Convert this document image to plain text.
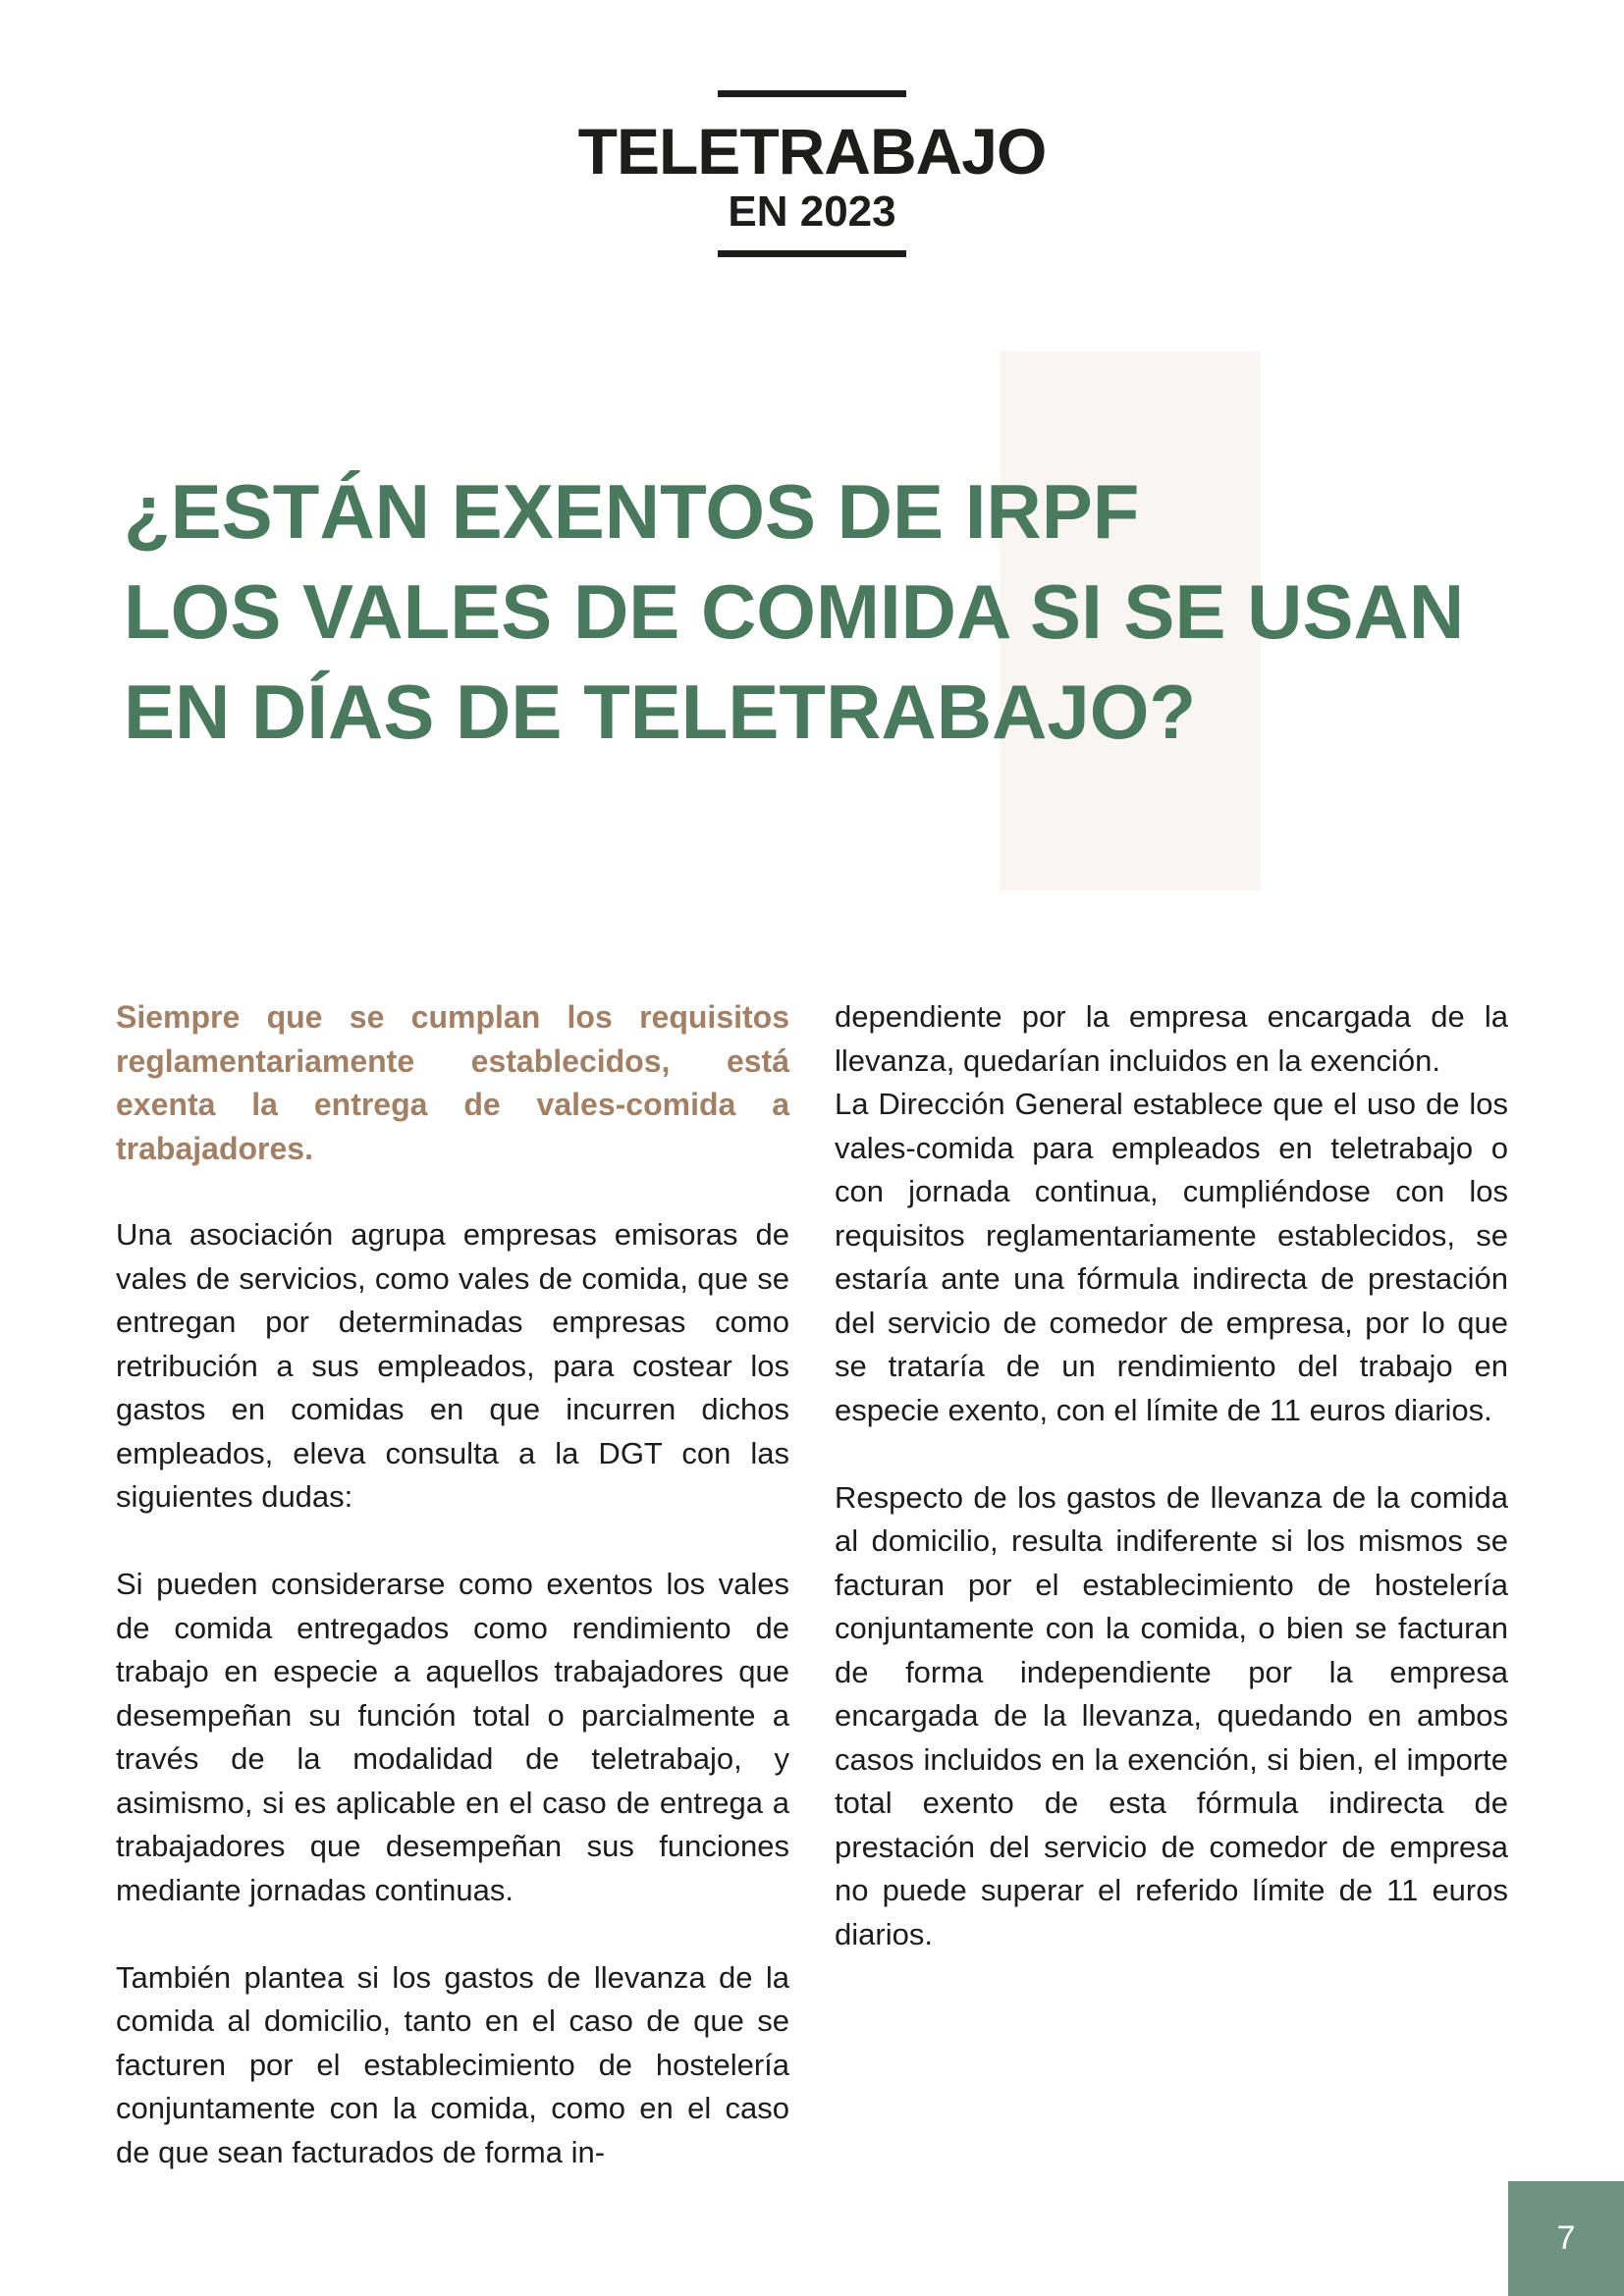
TELETRABAJO
EN 2023
¿ESTÁN EXENTOS DE IRPF
LOS VALES DE COMIDA SI SE USAN
EN DÍAS DE TELETRABAJO?

Siempre que se cumplan los requisitos reglamentariamente establecidos, está exenta la entrega de vales-comida a trabajadores.

Una asociación agrupa empresas emisoras de vales de servicios, como vales de comida, que se entregan por determinadas empresas como retribución a sus empleados, para costear los gastos en comidas en que incurren dichos empleados, eleva consulta a la DGT con las siguientes dudas:

Si pueden considerarse como exentos los vales de comida entregados como rendimiento de trabajo en especie a aquellos trabajadores que desempeñan su función total o parcialmente a través de la modalidad de teletrabajo, y asimismo, si es aplicable en el caso de entrega a trabajadores que desempeñan sus funciones mediante jornadas continuas.

También plantea si los gastos de llevanza de la comida al domicilio, tanto en el caso de que se facturen por el establecimiento de hostelería conjuntamente con la comida, como en el caso de que sean facturados de forma in-

dependiente por la empresa encargada de la llevanza, quedarían incluidos en la exención.

La Dirección General establece que el uso de los vales-comida para empleados en teletrabajo o con jornada continua, cumpliéndose con los requisitos reglamentariamente establecidos, se estaría ante una fórmula indirecta de prestación del servicio de comedor de empresa, por lo que se trataría de un rendimiento del trabajo en especie exento, con el límite de 11 euros diarios.

Respecto de los gastos de llevanza de la comida al domicilio, resulta indiferente si los mismos se facturan por el establecimiento de hostelería conjuntamente con la comida, o bien se facturan de forma independiente por la empresa encargada de la llevanza, quedando en ambos casos incluidos en la exención, si bien, el importe total exento de esta fórmula indirecta de prestación del servicio de comedor de empresa no puede superar el referido límite de 11 euros diarios.

7
